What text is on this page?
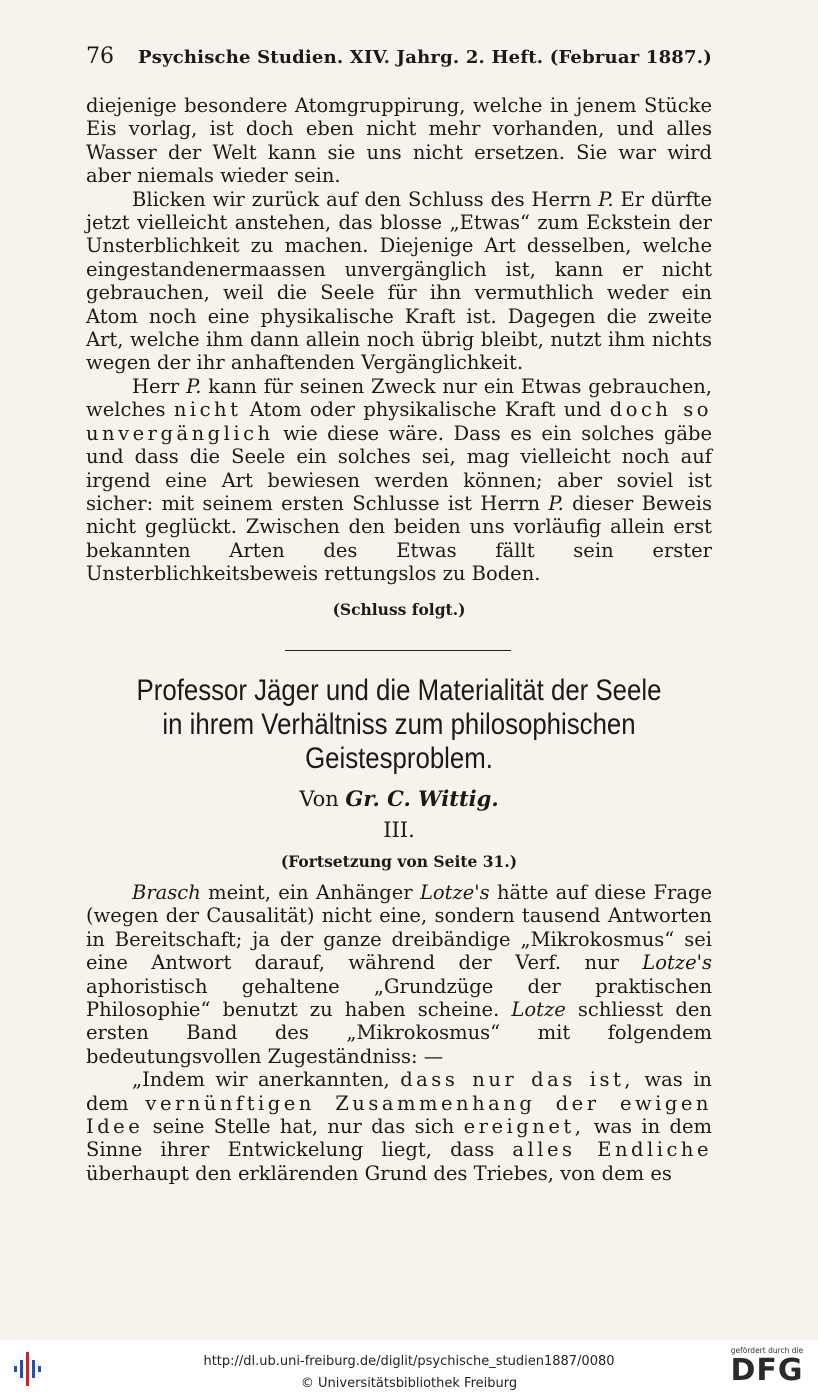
76 Psychische Studien. XIV. Jahrg. 2. Heft. (Februar 1887.)

diejenige besondere Atomgruppirung, welche in jenem Stücke Eis vorlag, ist doch eben nicht mehr vorhanden, und alles Wasser der Welt kann sie uns nicht ersetzen. Sie war wird aber niemals wieder sein.

Blicken wir zurück auf den Schluss des Herrn P. Er dürfte jetzt vielleicht anstehen, das blosse „Etwas“ zum Eckstein der Unsterblichkeit zu machen. Diejenige Art desselben, welche eingestandenermaassen unvergänglich ist, kann er nicht gebrauchen, weil die Seele für ihn vermuthlich weder ein Atom noch eine physikalische Kraft ist. Dagegen die zweite Art, welche ihm dann allein noch übrig bleibt, nutzt ihm nichts wegen der ihr anhaftenden Vergänglichkeit.

Herr P. kann für seinen Zweck nur ein Etwas gebrauchen, welches nicht Atom oder physikalische Kraft und doch so unvergänglich wie diese wäre. Dass es ein solches gäbe und dass die Seele ein solches sei, mag vielleicht noch auf irgend eine Art bewiesen werden können; aber soviel ist sicher: mit seinem ersten Schlusse ist Herrn P. dieser Beweis nicht geglückt. Zwischen den beiden uns vorläufig allein erst bekannten Arten des Etwas fällt sein erster Unsterblichkeitsbeweis rettungslos zu Boden.

(Schluss folgt.)
Professor Jäger und die Materialität der Seele
in ihrem Verhältniss zum philosophischen
Geistesproblem.
Von Gr. C. Wittig.
III.
(Fortsetzung von Seite 31.)

Brasch meint, ein Anhänger Lotze's hätte auf diese Frage (wegen der Causalität) nicht eine, sondern tausend Antworten in Bereitschaft; ja der ganze dreibändige „Mikrokosmus“ sei eine Antwort darauf, während der Verf. nur Lotze's aphoristisch gehaltene „Grundzüge der praktischen Philosophie“ benutzt zu haben scheine. Lotze schliesst den ersten Band des „Mikrokosmus“ mit folgendem bedeutungsvollen Zugeständniss: —

„Indem wir anerkannten, dass nur das ist, was in dem vernünftigen Zusammenhang der ewigen Idee seine Stelle hat, nur das sich ereignet, was in dem Sinne ihrer Entwickelung liegt, dass alles Endliche überhaupt den erklärenden Grund des Triebes, von dem es

http://dl.ub.uni-freiburg.de/diglit/psychische_studien1887/0080
© Universitätsbibliothek Freiburg
gefördert durch die
DFG
